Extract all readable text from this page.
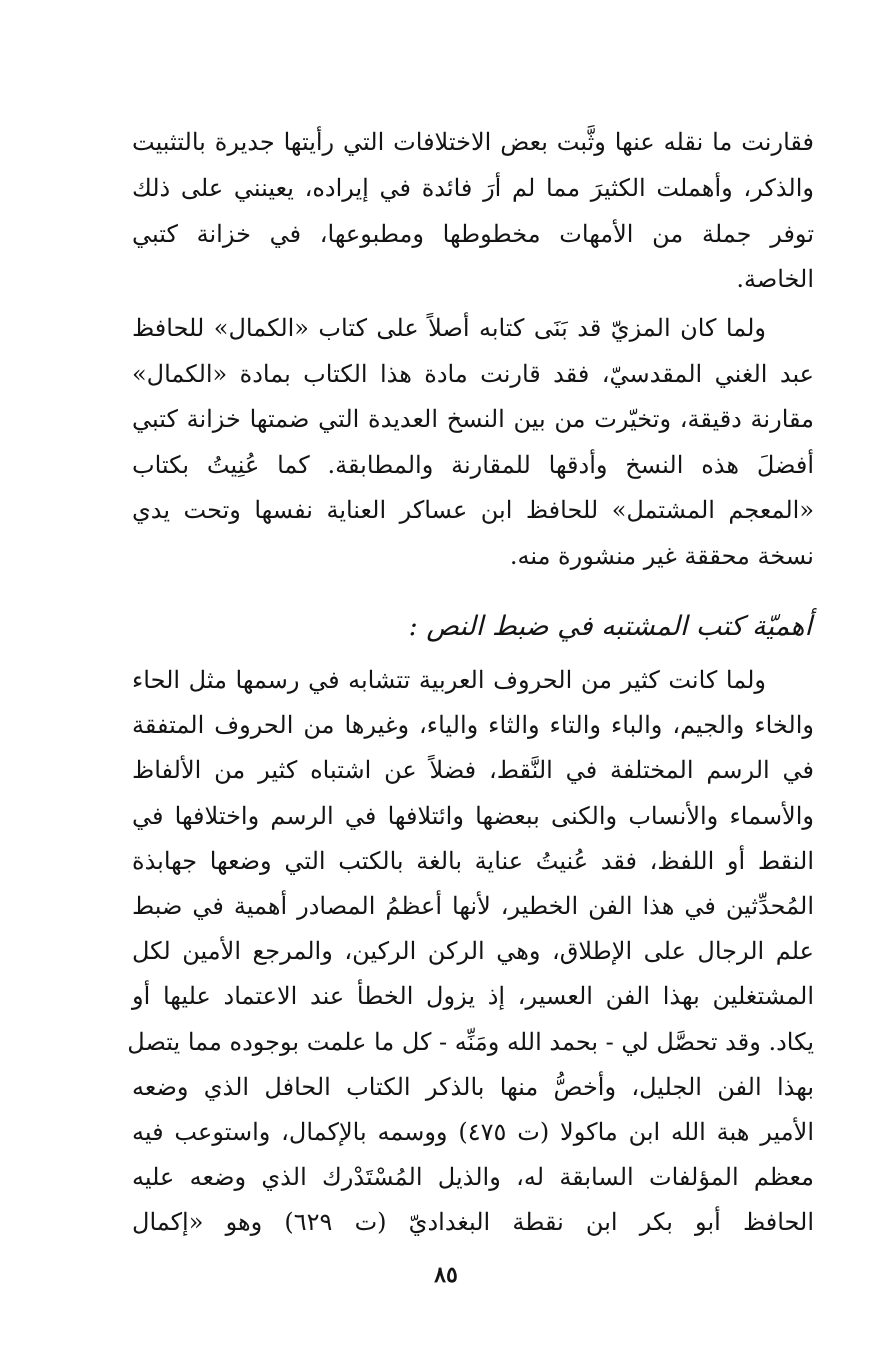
فقارنت ما نقله عنها وثَّبت بعض الاختلافات التي رأيتها جديرة بالتثبيت
والذكر، وأهملت الكثيرَ مما لم أرَ فائدة في إيراده، يعينني على ذلك
توفر جملة من الأمهات مخطوطها ومطبوعها، في خزانة كتبي
الخاصة.
ولما كان المزيّ قد بَنَى كتابه أصلاً على كتاب «الكمال» للحافظ
عبد الغني المقدسيّ، فقد قارنت مادة هذا الكتاب بمادة «الكمال»
مقارنة دقيقة، وتخيّرت من بين النسخ العديدة التي ضمتها خزانة كتبي
أفضلَ هذه النسخ وأدقها للمقارنة والمطابقة. كما عُنِيتُ بكتاب
«المعجم المشتمل» للحافظ ابن عساكر العناية نفسها وتحت يدي
نسخة محققة غير منشورة منه.
أهميّة كتب المشتبه في ضبط النص :
ولما كانت كثير من الحروف العربية تتشابه في رسمها مثل الحاء
والخاء والجيم، والباء والتاء والثاء والياء، وغيرها من الحروف المتفقة
في الرسم المختلفة في النَّقط، فضلاً عن اشتباه كثير من الألفاظ
والأسماء والأنساب والكنى ببعضها وائتلافها في الرسم واختلافها في
النقط أو اللفظ، فقد عُنيتُ عناية بالغة بالكتب التي وضعها جهابذة
المُحدِّثين في هذا الفن الخطير، لأنها أعظمُ المصادر أهمية في ضبط
علم الرجال على الإطلاق، وهي الركن الركين، والمرجع الأمين لكل
المشتغلين بهذا الفن العسير، إذ يزول الخطأ عند الاعتماد عليها أو
يكاد. وقد تحصَّل لي - بحمد الله ومَنِّه - كل ما علمت بوجوده مما يتصل
بهذا الفن الجليل، وأخصُّ منها بالذكر الكتاب الحافل الذي وضعه
الأمير هبة الله ابن ماكولا (ت ٤٧٥) ووسمه بالإكمال، واستوعب فيه
معظم المؤلفات السابقة له، والذيل المُسْتَدْرك الذي وضعه عليه
الحافظ أبو بكر ابن نقطة البغداديّ (ت ٦٢٩) وهو «إكمال
٨٥
